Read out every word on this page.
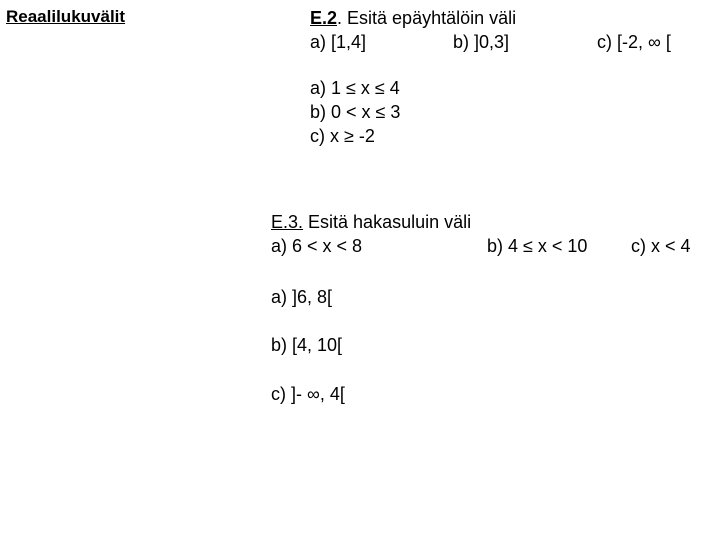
Reaalilukuvälit	E.2. Esitä epäyhtälöin väli
a) [1,4]	b) ]0,3]	c) [-2, ∞ [
a) 1 ≤ x ≤ 4
b) 0 < x ≤ 3
c) x ≥ -2
E.3. Esitä hakasuluin väli
a) 6 < x < 8	b) 4 ≤ x < 10 c) x < 4
a) ]6, 8[
b) [4, 10[
c) ]- ∞, 4[
